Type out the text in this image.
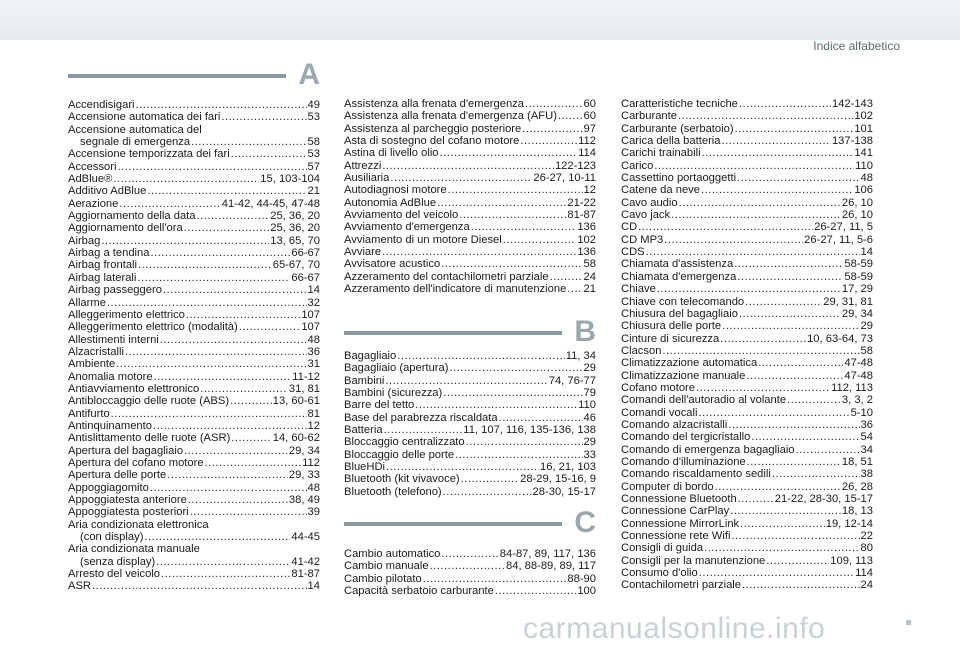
Indice alfabetico
A
B
C
Accendisigari .....	49
Accensione automatica dei fari .....	53
Accensione automatica del
segnale di emergenza .....	58
Accensione temporizzata dei fari .....	53
Accessori .....	57
AdBlue® .....	15, 103-104
Additivo AdBlue .....	21
Aerazione .....	41-42, 44-45, 47-48
Aggiornamento della data .....	25, 36, 20
Aggiornamento dell'ora .....	25, 36, 20
Airbag .....	13, 65, 70
Airbag a tendina .....	66-67
Airbag frontali .....	65-67, 70
Airbag laterali .....	66-67
Airbag passeggero .....	14
Allarme .....	32
Alleggerimento elettrico .....	107
Alleggerimento elettrico (modalità) .....	107
Allestimenti interni .....	48
Alzacristalli .....	36
Ambiente .....	31
Anomalia motore .....	11-12
Antiavviamento elettronico .....	31, 81
Antibloccaggio delle ruote (ABS) .....	13, 60-61
Antifurto .....	81
Antinquinamento .....	12
Antislittamento delle ruote (ASR) .....	14, 60-62
Apertura del bagagliaio .....	29, 34
Apertura del cofano motore .....	112
Apertura delle porte .....	29, 33
Appoggiagomito .....	48
Appoggiatesta anteriore .....	38, 49
Appoggiatesta posteriori .....	39
Aria condizionata elettronica
(con display) .....	44-45
Aria condizionata manuale
(senza display) .....	41-42
Arresto del veicolo .....	81-87
ASR .....	14
Assistenza alla frenata d'emergenza .....	60
Assistenza alla frenata d'emergenza (AFU) ..... 60
Assistenza al parcheggio posteriore .....	97
Asta di sostegno del cofano motore .....	112
Astina di livello olio .....	114
Attrezzi .....	122-123
Ausiliaria .....	26-27, 10-11
Autodiagnosi motore .....	12
Autonomia AdBlue .....	21-22
Avviamento del veicolo .....	81-87
Avviamento d'emergenza .....	136
Avviamento di un motore Diesel .....	102
Avviare .....	136
Avvisatore acustico .....	58
Azzeramento del contachilometri parziale .....	24
Azzeramento dell'indicatore di manutenzione ..... 21
Bagagliaio .....	11, 34
Bagagliaio (apertura) .....	29
Bambini .....	74, 76-77
Bambini (sicurezza) .....	79
Barre del tetto .....	110
Base del parabrezza riscaldata .....	46
Batteria .....	11, 107, 116, 135-136, 138
Bloccaggio centralizzato .....	29
Bloccaggio delle porte .....	33
BlueHDi .....	16, 21, 103
Bluetooth (kit vivavoce) .....	28-29, 15-16, 9
Bluetooth (telefono) .....	28-30, 15-17
Cambio automatico .....	84-87, 89, 117, 136
Cambio manuale .....	84, 88-89, 89, 117
Cambio pilotato .....	88-90
Capacità serbatoio carburante .....	100
Caratteristiche tecniche .....	142-143
Carburante .....	102
Carburante (serbatoio) .....	101
Carica della batteria .....	137-138
Carichi trainabili .....	141
Carico .....	110
Cassettino portaoggetti .....	48
Catene da neve .....	106
Cavo audio .....	26, 10
Cavo jack .....	26, 10
CD .....	26-27, 11, 5
CD MP3 .....	26-27, 11, 5-6
CDS .....	14
Chiamata d'assistenza .....	58-59
Chiamata d'emergenza .....	58-59
Chiave .....	17, 29
Chiave con telecomando .....	29, 31, 81
Chiusura del bagagliaio .....	29, 34
Chiusura delle porte .....	29
Cinture di sicurezza .....	10, 63-64, 73
Clacson .....	58
Climatizzazione automatica .....	47-48
Climatizzazione manuale .....	47-48
Cofano motore .....	112, 113
Comandi dell'autoradio al volante .....	3, 3, 2
Comandi vocali .....	5-10
Comando alzacristalli .....	36
Comando del tergicristallo .....	54
Comando di emergenza bagagliaio .....	34
Comando d'illuminazione .....	18, 51
Comando riscaldamento sedili .....	38
Computer di bordo .....	26, 28
Connessione Bluetooth .....	21-22, 28-30, 15-17
Connessione CarPlay .....	18, 13
Connessione MirrorLink .....	19, 12-14
Connessione rete Wifi .....	22
Consigli di guida .....	80
Consigli per la manutenzione .....	109, 113
Consumo d'olio .....	114
Contachilometri parziale .....	24
carmanualsonline.info
